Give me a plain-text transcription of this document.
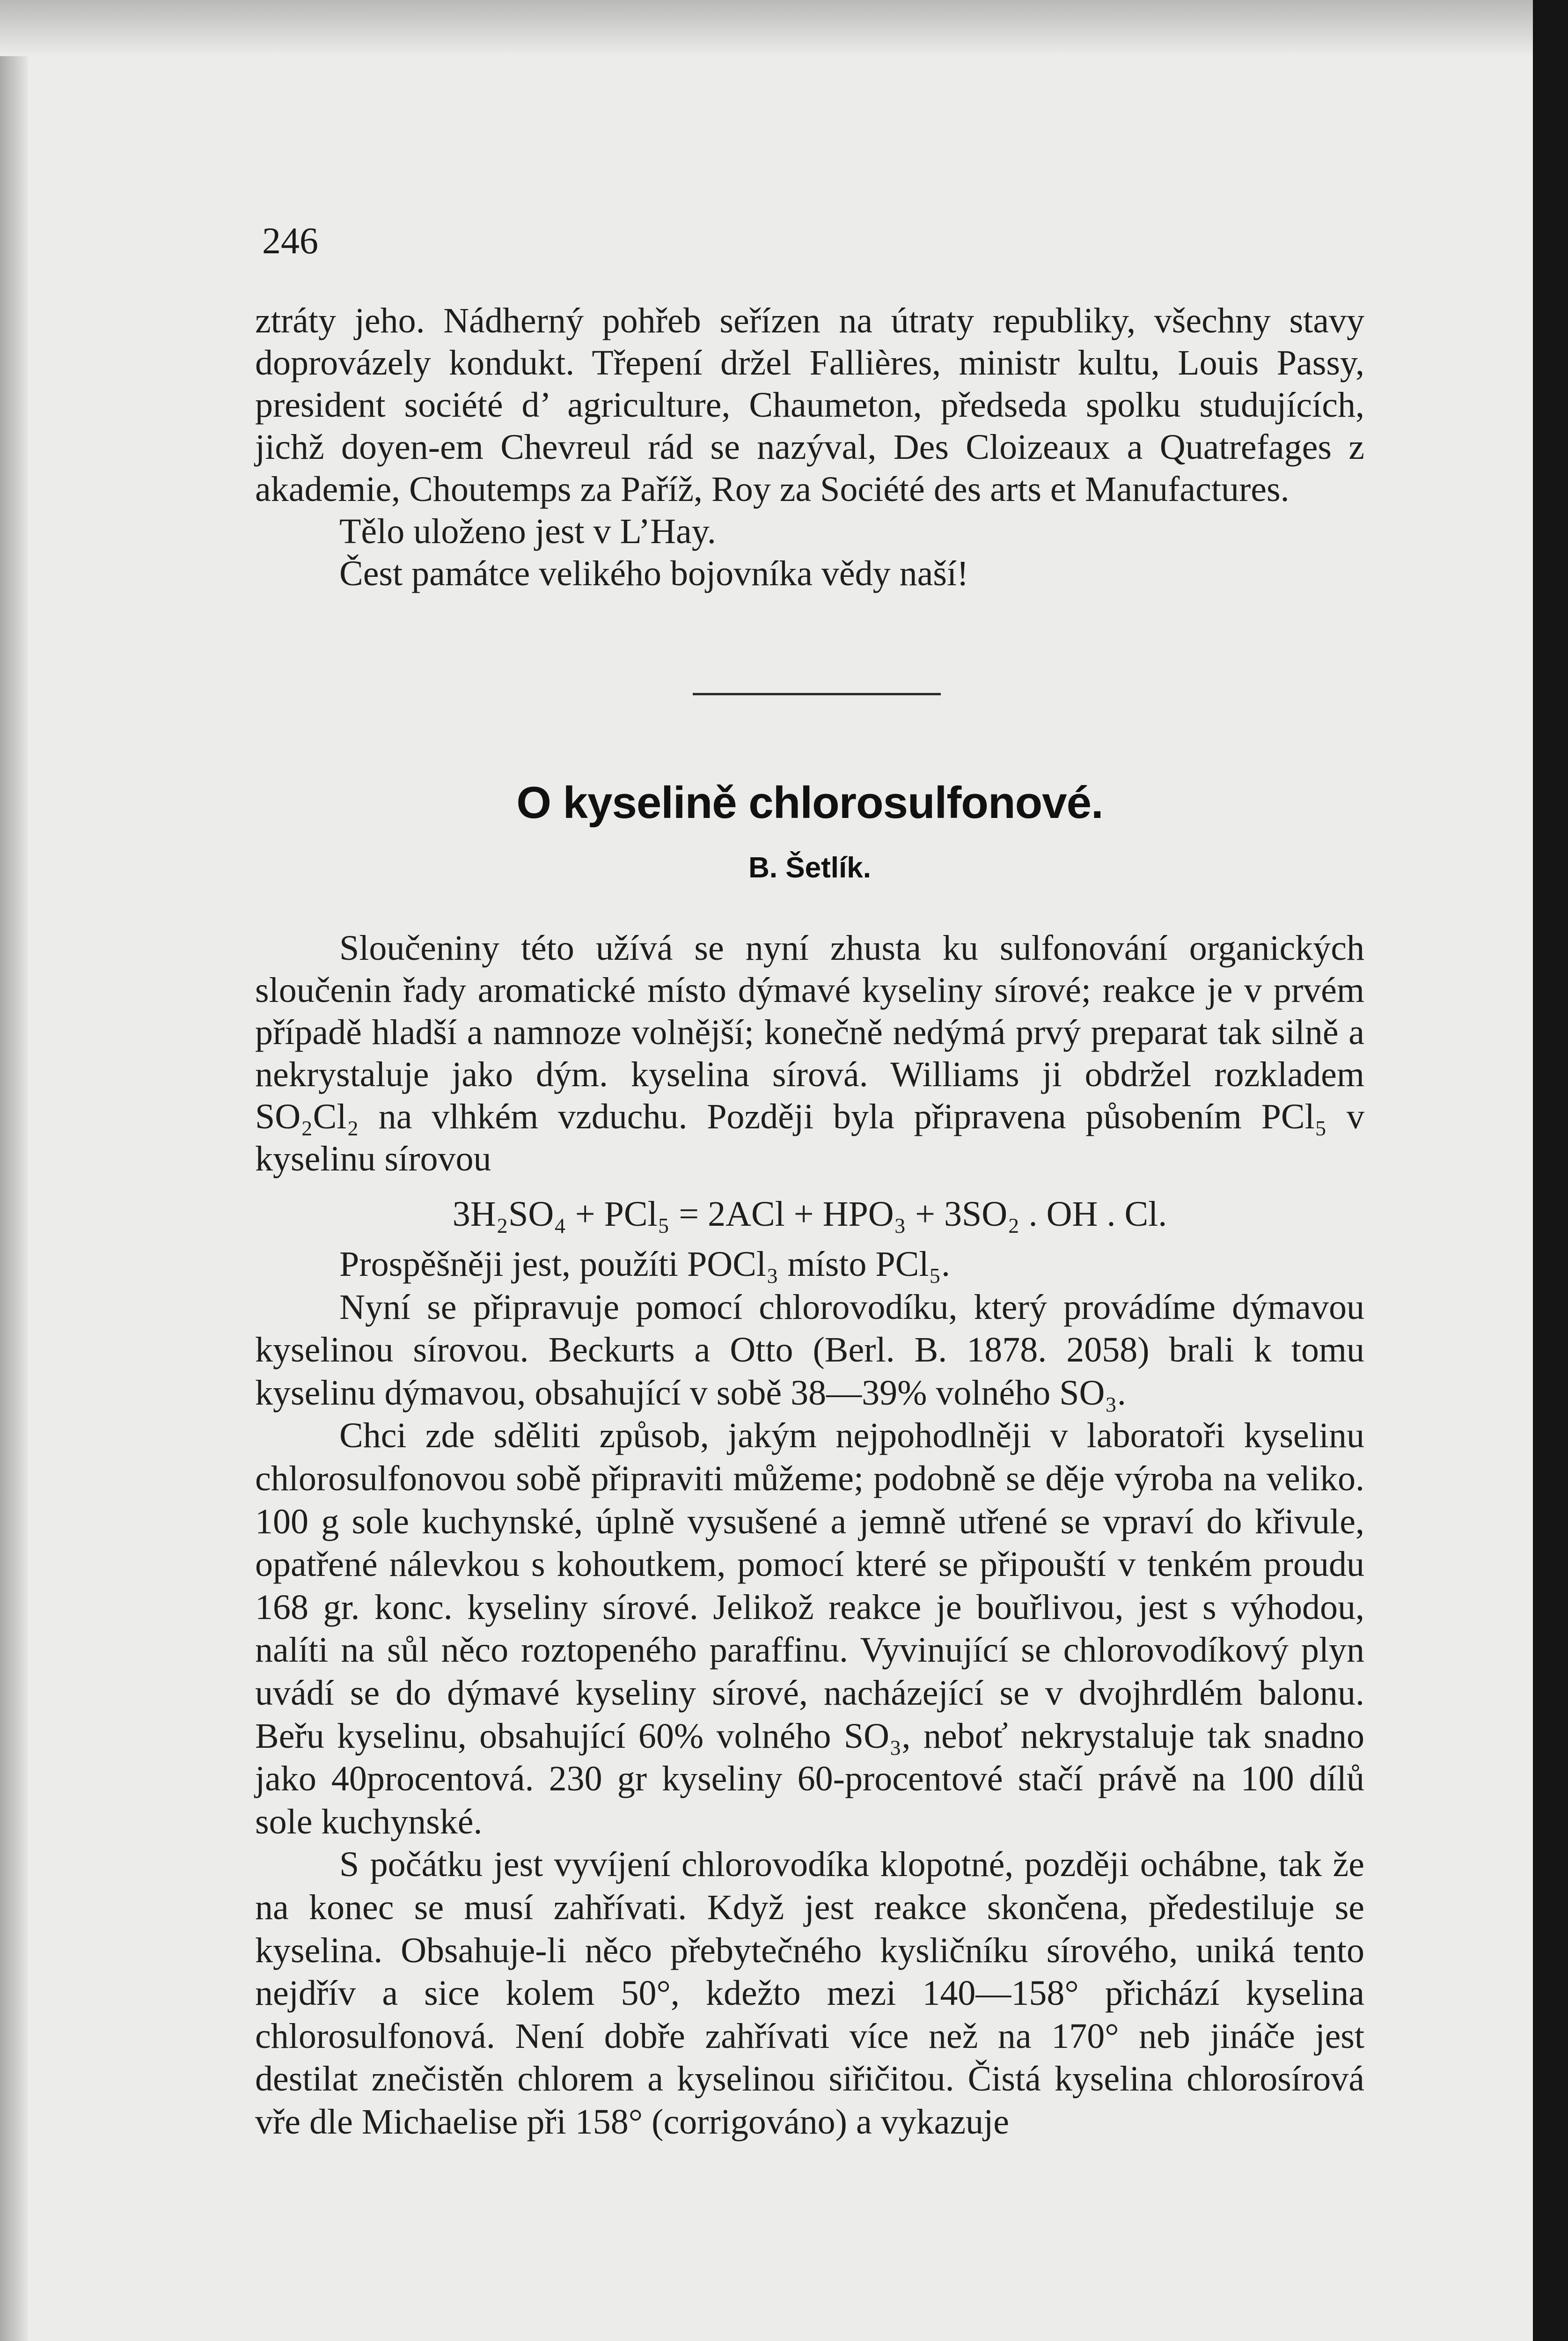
246

ztráty jeho. Nádherný pohřeb seřízen na útraty republiky, všechny stavy doprovázely kondukt. Třepení držel Fallières, ministr kultu, Louis Passy, president société d’ agriculture, Chaumeton, předseda spolku studujících, jichž doyen-em Chevreul rád se nazýval, Des Cloizeaux a Quatrefages z akademie, Choutemps za Paříž, Roy za Société des arts et Manufactures.

Tělo uloženo jest v L’Hay.

Čest památce velikého bojovníka vědy naší!

O kyselině chlorosulfonové.
B. Šetlík.

Sloučeniny této užívá se nyní zhusta ku sulfonování organických sloučenin řady aromatické místo dýmavé kyseliny sírové; reakce je v prvém případě hladší a namnoze volnější; konečně nedýmá prvý preparat tak silně a nekrystaluje jako dým. kyselina sírová. Williams ji obdržel rozkladem SO₂Cl₂ na vlhkém vzduchu. Později byla připravena působením PCl₅ v kyselinu sírovou

3H₂SO₄ + PCl₅ = 2ACl + HPO₃ + 3SO₂ . OH . Cl.

Prospěšněji jest, použíti POCl₃ místo PCl₅.

Nyní se připravuje pomocí chlorovodíku, který provádíme dýmavou kyselinou sírovou. Beckurts a Otto (Berl. B. 1878. 2058) brali k tomu kyselinu dýmavou, obsahující v sobě 38—39% volného SO₃.

Chci zde sděliti způsob, jakým nejpohodlněji v laboratoři kyselinu chlorosulfonovou sobě připraviti můžeme; podobně se děje výroba na veliko. 100 g sole kuchynské, úplně vysušené a jemně utřené se vpraví do křivule, opatřené nálevkou s kohoutkem, pomocí které se připouští v tenkém proudu 168 gr. konc. kyseliny sírové. Jelikož reakce je bouřlivou, jest s výhodou, nalíti na sůl něco roztopeného paraffinu. Vyvinující se chlorovodíkový plyn uvádí se do dýmavé kyseliny sírové, nacházející se v dvojhrdlém balonu. Beřu kyselinu, obsahující 60% volného SO₃, neboť nekrystaluje tak snadno jako 40procentová. 230 gr kyseliny 60-procentové stačí právě na 100 dílů sole kuchynské.

S počátku jest vyvíjení chlorovodíka klopotné, později ochábne, tak že na konec se musí zahřívati. Když jest reakce skončena, předestiluje se kyselina. Obsahuje-li něco přebytečného kysličníku sírového, uniká tento nejdřív a sice kolem 50°, kdežto mezi 140—158° přichází kyselina chlorosulfonová. Není dobře zahřívati více než na 170° neb jináče jest destilat znečistěn chlorem a kyselinou siřičitou. Čistá kyselina chlorosírová vře dle Michaelise při 158° (corrigováno) a vykazuje
